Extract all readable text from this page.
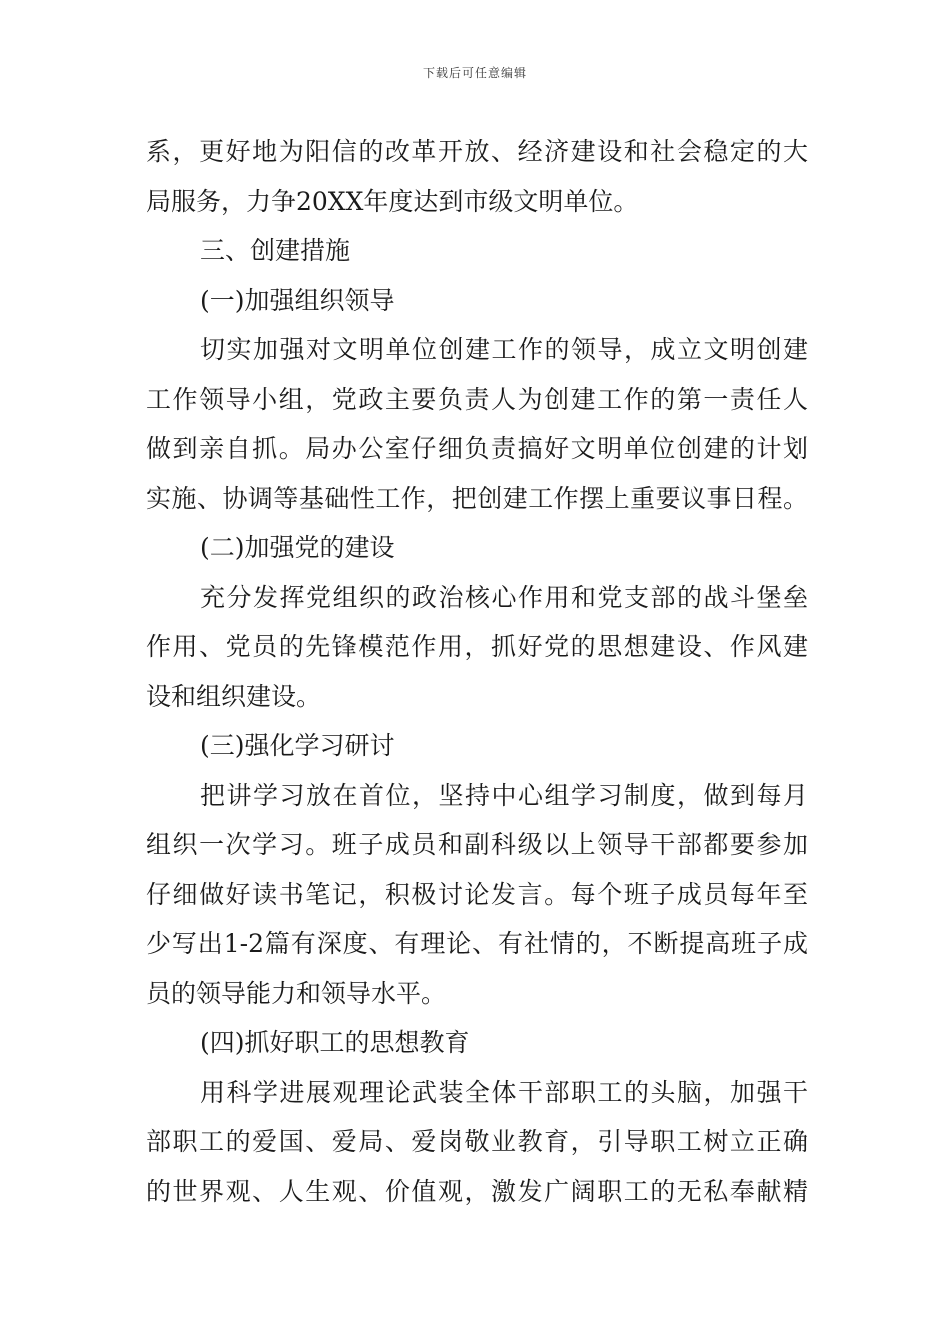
下载后可任意编辑
系，更好地为阳信的改革开放、经济建设和社会稳定的大
局服务，力争20XX年度达到市级文明单位。
三、创建措施
(一)加强组织领导
切实加强对文明单位创建工作的领导，成立文明创建
工作领导小组，党政主要负责人为创建工作的第一责任人
做到亲自抓。局办公室仔细负责搞好文明单位创建的计划
实施、协调等基础性工作，把创建工作摆上重要议事日程。
(二)加强党的建设
充分发挥党组织的政治核心作用和党支部的战斗堡垒
作用、党员的先锋模范作用，抓好党的思想建设、作风建
设和组织建设。
(三)强化学习研讨
把讲学习放在首位，坚持中心组学习制度，做到每月
组织一次学习。班子成员和副科级以上领导干部都要参加
仔细做好读书笔记，积极讨论发言。每个班子成员每年至
少写出1-2篇有深度、有理论、有社情的，不断提高班子成
员的领导能力和领导水平。
(四)抓好职工的思想教育
用科学进展观理论武装全体干部职工的头脑，加强干
部职工的爱国、爱局、爱岗敬业教育，引导职工树立正确
的世界观、人生观、价值观，激发广阔职工的无私奉献精
